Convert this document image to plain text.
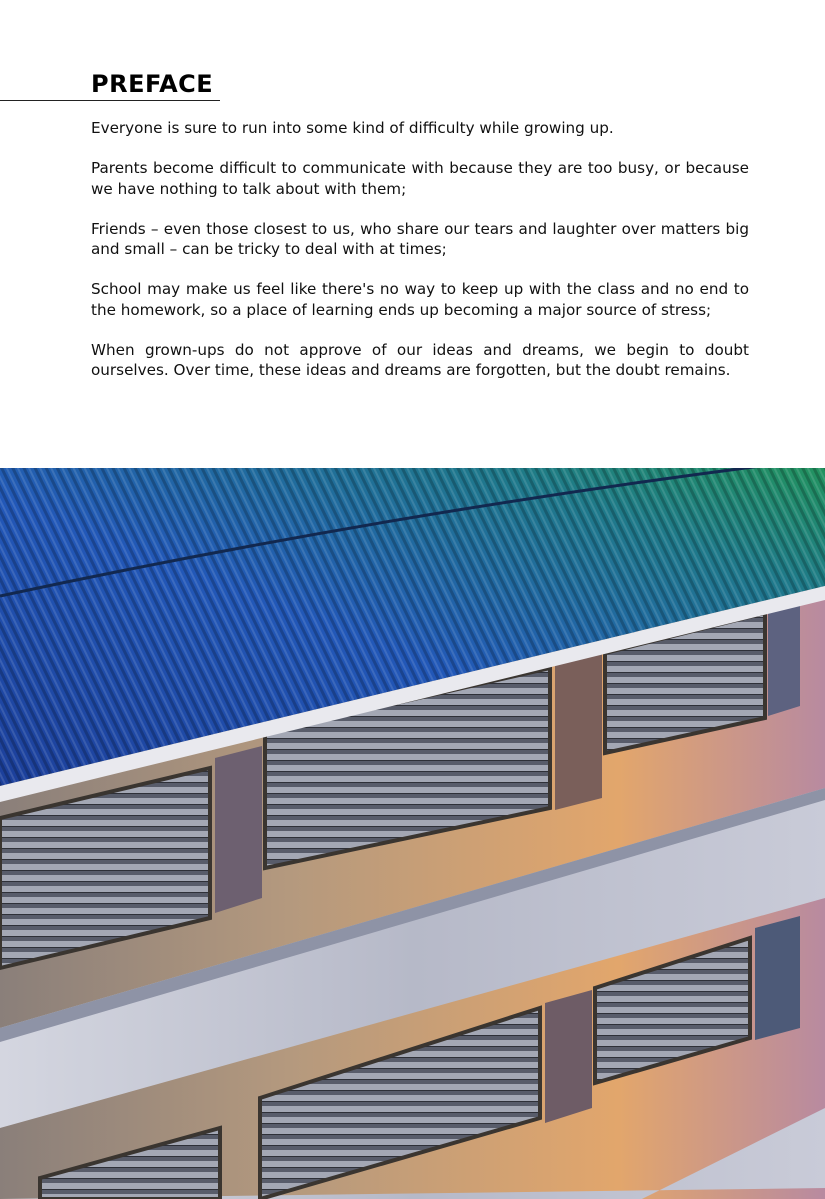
PREFACE

Everyone is sure to run into some kind of difficulty while growing up.

Parents become difficult to communicate with because they are too busy, or because we have nothing to talk about with them;

Friends – even those closest to us, who share our tears and laughter over matters big and small – can be tricky to deal with at times;

School may make us feel like there's no way to keep up with the class and no end to the homework, so a place of learning ends up becoming a major source of stress;

When grown-ups do not approve of our ideas and dreams, we begin to doubt ourselves. Over time, these ideas and dreams are forgotten, but the doubt remains.
